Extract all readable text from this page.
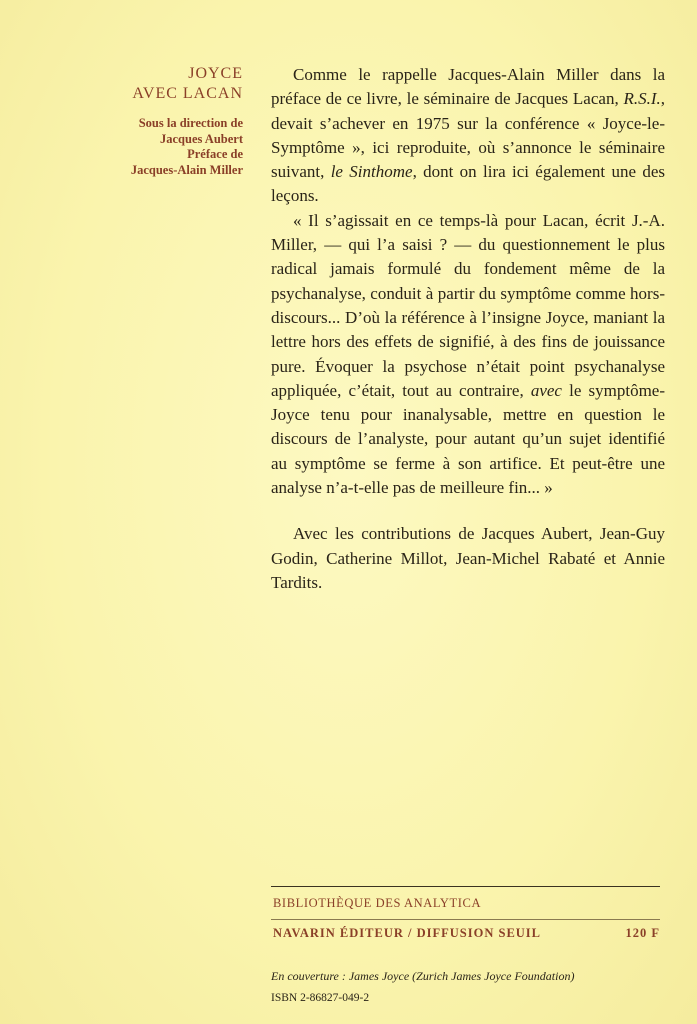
JOYCE
AVEC LACAN
Sous la direction de
Jacques Aubert
Préface de
Jacques-Alain Miller

Comme le rappelle Jacques-Alain Miller dans la préface de ce livre, le séminaire de Jacques Lacan, R.S.I., devait s’achever en 1975 sur la conférence « Joyce-le-Symptôme », ici reproduite, où s’annonce le séminaire suivant, le Sinthome, dont on lira ici également une des leçons.

« Il s’agissait en ce temps-là pour Lacan, écrit J.-A. Miller, — qui l’a saisi ? — du questionnement le plus radical jamais formulé du fondement même de la psychanalyse, conduit à partir du symptôme comme hors-discours... D’où la référence à l’insigne Joyce, maniant la lettre hors des effets de signifié, à des fins de jouissance pure. Évoquer la psychose n’était point psychanalyse appliquée, c’était, tout au contraire, avec le symptôme-Joyce tenu pour inanalysable, mettre en question le discours de l’analyste, pour autant qu’un sujet identifié au symptôme se ferme à son artifice. Et peut-être une analyse n’a-t-elle pas de meilleure fin... »

Avec les contributions de Jacques Aubert, Jean-Guy Godin, Catherine Millot, Jean-Michel Rabaté et Annie Tardits.

BIBLIOTHÈQUE DES ANALYTICA
NAVARIN ÉDITEUR / DIFFUSION SEUIL	120 F
En couverture : James Joyce (Zurich James Joyce Foundation)
ISBN 2-86827-049-2
